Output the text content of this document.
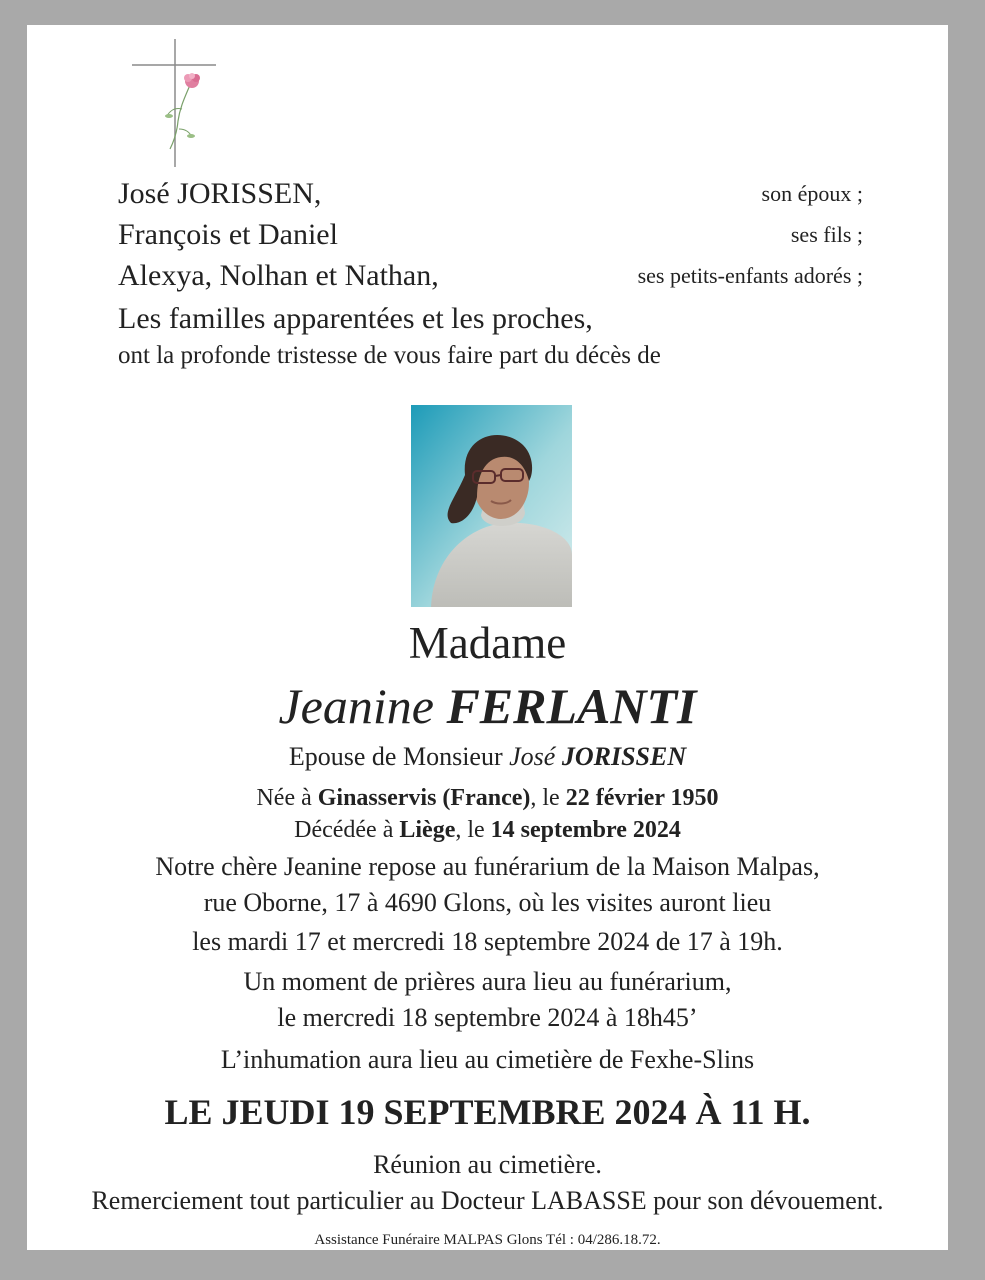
José JORISSEN,	son époux ;
François et Daniel	ses fils ;
Alexya, Nolhan et Nathan,	ses petits-enfants adorés ;
Les familles apparentées et les proches,
ont la profonde tristesse de vous faire part du décès de
Madame
Jeanine FERLANTI
Epouse de Monsieur José JORISSEN
Née à Ginasservis (France), le 22 février 1950
Décédée à Liège, le 14 septembre 2024
Notre chère Jeanine repose au funérarium de la Maison Malpas,
rue Oborne, 17 à 4690 Glons, où les visites auront lieu
les mardi 17 et mercredi 18 septembre 2024 de 17 à 19h.
Un moment de prières aura lieu au funérarium,
le mercredi 18 septembre 2024 à 18h45’
L’inhumation aura lieu au cimetière de Fexhe-Slins
LE JEUDI 19 SEPTEMBRE 2024 À 11 H.
Réunion au cimetière.
Remerciement tout particulier au Docteur LABASSE pour son dévouement.
Assistance Funéraire MALPAS Glons Tél : 04/286.18.72.
